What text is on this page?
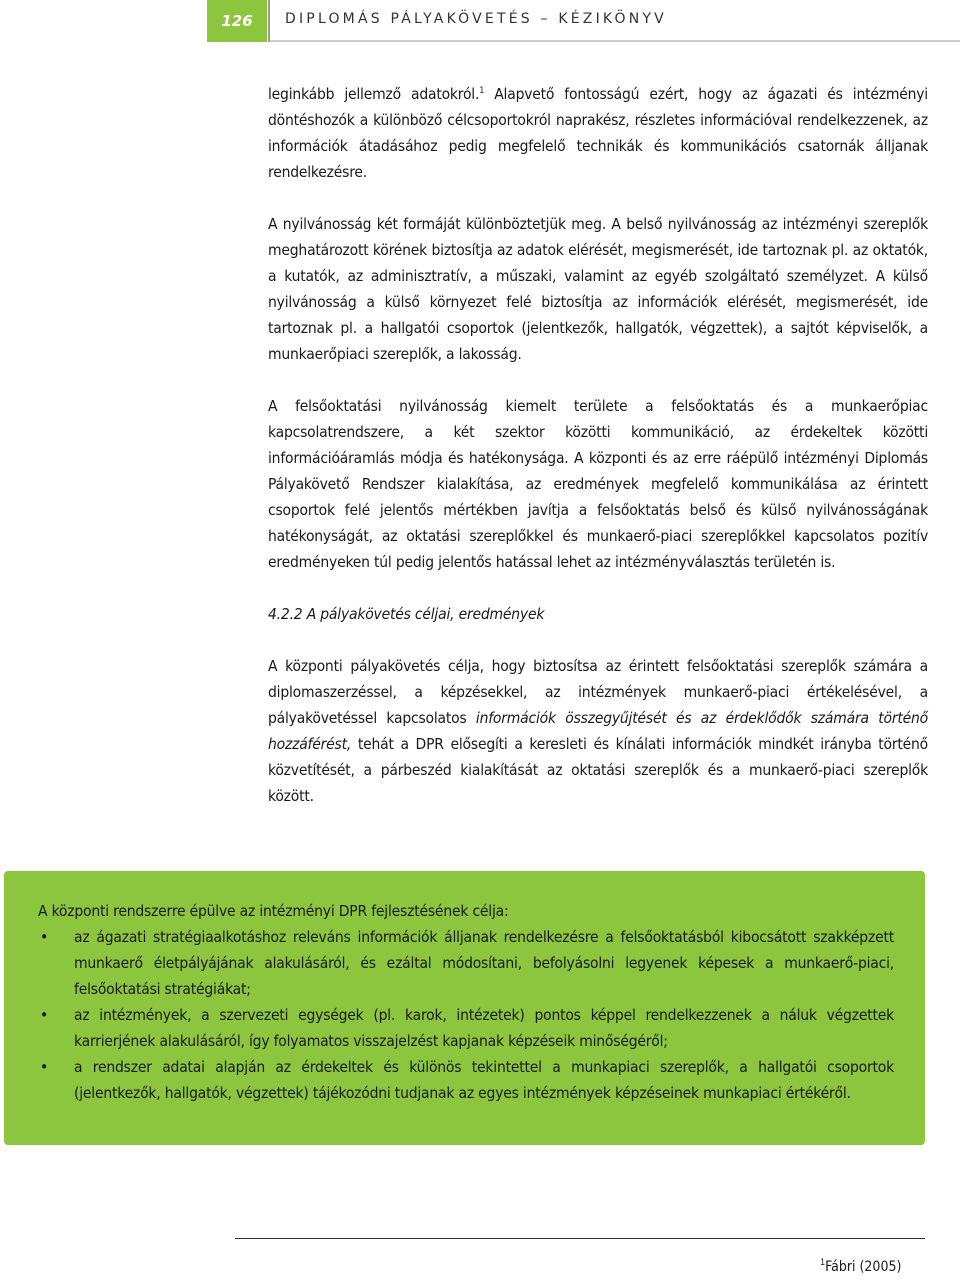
126	DIPLOMÁS PÁLYAKÖVETÉS – KÉZIKÖNYV

leginkább jellemző adatokról.$^1$ Alapvető fontosságú ezért, hogy az ágazati és intézményi döntéshozók a különböző célcsoportokról naprakész, részletes információval rendelkezzenek, az információk átadásához pedig megfelelő technikák és kommunikációs csatornák álljanak rendelkezésre.

A nyilvánosság két formáját különböztetjük meg. A belső nyilvánosság az intézményi szereplők meghatározott körének biztosítja az adatok elérését, megismerését, ide tartoznak pl. az oktatók, a kutatók, az adminisztratív, a műszaki, valamint az egyéb szolgáltató személyzet. A külső nyilvánosság a külső környezet felé biztosítja az információk elérését, megismerését, ide tartoznak pl. a hallgatói csoportok (jelentkezők, hallgatók, végzettek), a sajtót képviselők, a munkaerőpiaci szereplők, a lakosság.

A felsőoktatási nyilvánosság kiemelt területe a felsőoktatás és a munkaerőpiac kapcsolatrendszere, a két szektor közötti kommunikáció, az érdekeltek közötti információáramlás módja és hatékonysága. A központi és az erre ráépülő intézményi Diplomás Pályakövető Rendszer kialakítása, az eredmények megfelelő kommunikálása az érintett csoportok felé jelentős mértékben javítja a felsőoktatás belső és külső nyilvánosságának hatékonyságát, az oktatási szereplőkkel és munkaerő-piaci szereplőkkel kapcsolatos pozitív eredményeken túl pedig jelentős hatással lehet az intézményválasztás területén is.

4.2.2 A pályakövetés céljai, eredmények

A központi pályakövetés célja, hogy biztosítsa az érintett felsőoktatási szereplők számára a diplomaszerzéssel, a képzésekkel, az intézmények munkaerő-piaci értékelésével, a pályakövetéssel kapcsolatos információk összegyűjtését és az érdeklődők számára történő hozzáférést, tehát a DPR elősegíti a keresleti és kínálati információk mindkét irányba történő közvetítését, a párbeszéd kialakítását az oktatási szereplők és a munkaerő-piaci szereplők között.

A központi rendszerre épülve az intézményi DPR fejlesztésének célja:

• az ágazati stratégiaalkotáshoz releváns információk álljanak rendelkezésre a felsőoktatásból kibocsátott szakképzett munkaerő életpályájának alakulásáról, és ezáltal módosítani, befolyásolni legyenek képesek a munkaerő-piaci, felsőoktatási stratégiákat;
• az intézmények, a szervezeti egységek (pl. karok, intézetek) pontos képpel rendelkezzenek a náluk végzettek karrierjének alakulásáról, így folyamatos visszajelzést kapjanak képzéseik minőségéről;
• a rendszer adatai alapján az érdekeltek és különös tekintettel a munkapiaci szereplők, a hallgatói csoportok (jelentkezők, hallgatók, végzettek) tájékozódni tudjanak az egyes intézmények képzéseinek munkapiaci értékéről.
$^1$Fábri (2005)
